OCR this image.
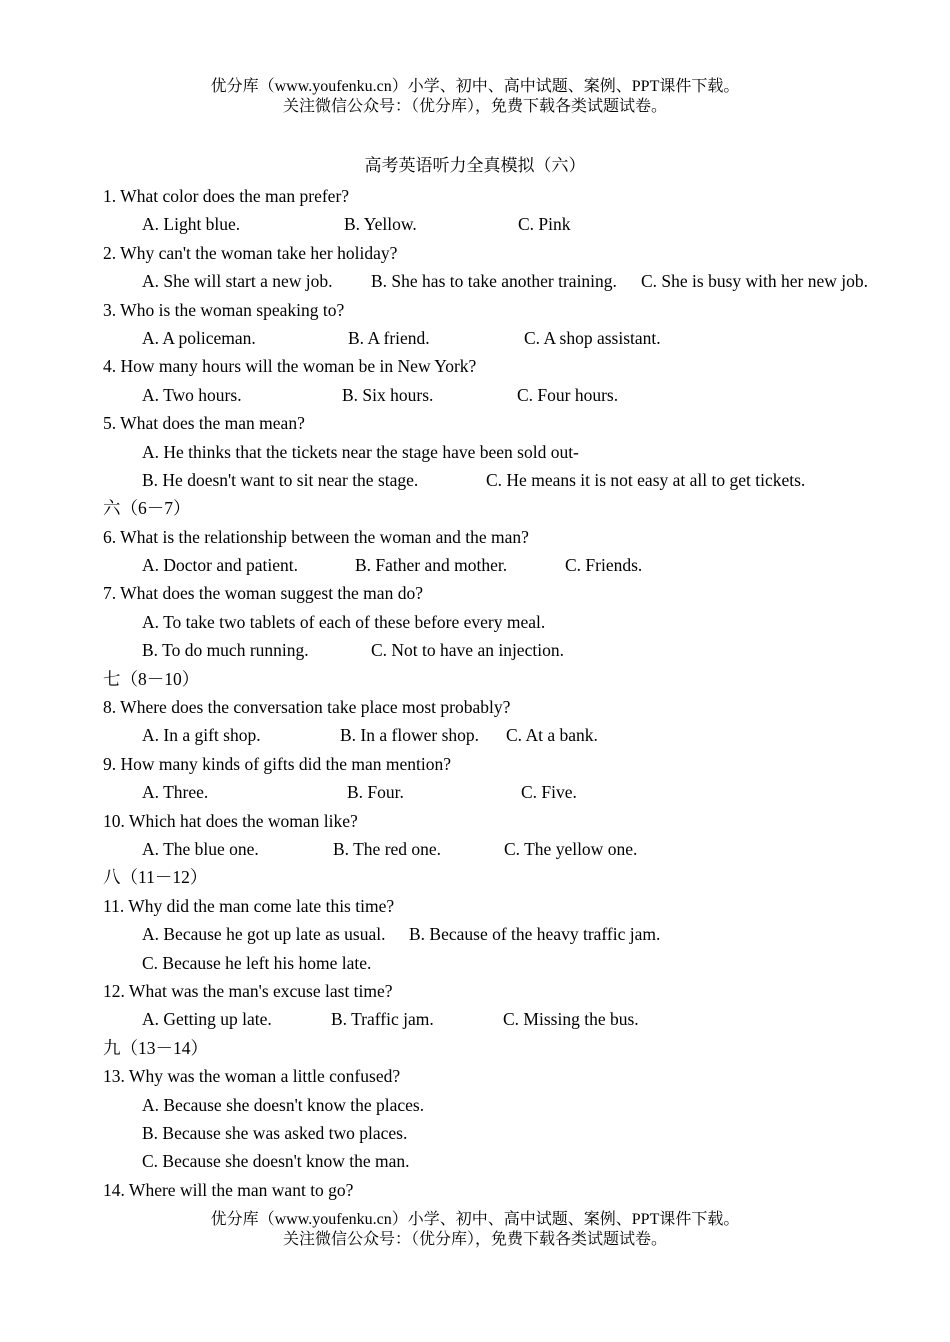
优分库（www.youfenku.cn）小学、初中、高中试题、案例、PPT课件下载。
关注微信公众号：（优分库），免费下载各类试题试卷。
高考英语听力全真模拟（六）
1. What color does the man prefer?
A. Light blue.	B. Yellow.	C. Pink
2. Why can't the woman take her holiday?
A. She will start a new job. B. She has to take another training. C. She is busy with her new job.
3. Who is the woman speaking to?
A. A policeman.	B. A friend.	C. A shop assistant.
4. How many hours will the woman be in New York?
A. Two hours.	B. Six hours.	C. Four hours.
5. What does the man mean?
A. He thinks that the tickets near the stage have been sold out-
B. He doesn't want to sit near the stage.	C. He means it is not easy at all to get tickets.
六（6－7）
6. What is the relationship between the woman and the man?
A. Doctor and patient.	B. Father and mother.	C. Friends.
7. What does the woman suggest the man do?
A. To take two tablets of each of these before every meal.
B. To do much running.	C. Not to have an injection.
七（8－10）
8. Where does the conversation take place most probably?
A. In a gift shop.	B. In a flower shop. C. At a bank.
9. How many kinds of gifts did the man mention?
A. Three.	B. Four.	C. Five.
10. Which hat does the woman like?
A. The blue one.	B. The red one.	C. The yellow one.
八（11－12）
11. Why did the man come late this time?
A. Because he got up late as usual. B. Because of the heavy traffic jam.
C. Because he left his home late.
12. What was the man's excuse last time?
A. Getting up late.	B. Traffic jam.	C. Missing the bus.
九（13－14）
13. Why was the woman a little confused?
A. Because she doesn't know the places.
B. Because she was asked two places.
C. Because she doesn't know the man.
14. Where will the man want to go?
优分库（www.youfenku.cn）小学、初中、高中试题、案例、PPT课件下载。
关注微信公众号：（优分库），免费下载各类试题试卷。
